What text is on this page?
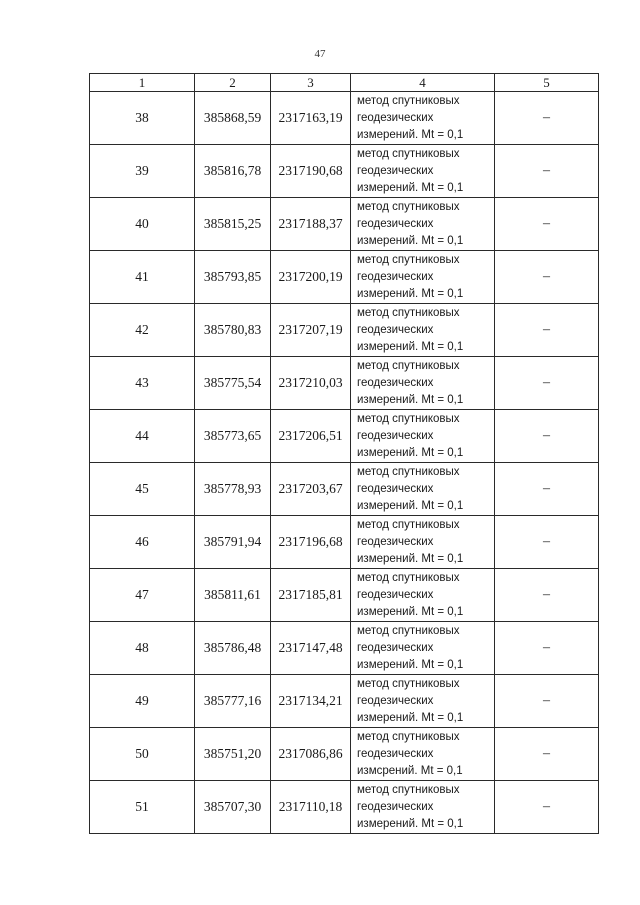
47
1	2	3	4	5
38	385868,59	2317163,19	метод спутниковых
геодезических
измерений. Mt = 0,1	–
39	385816,78	2317190,68	метод спутниковых
геодезических
измерений. Mt = 0,1	–
40	385815,25	2317188,37	метод спутниковых
геодезических
измерений. Mt = 0,1	–
41	385793,85	2317200,19	метод спутниковых
геодезических
измерений. Mt = 0,1	–
42	385780,83	2317207,19	метод спутниковых
геодезических
измерений. Mt = 0,1	–
43	385775,54	2317210,03	метод спутниковых
геодезических
измерений. Mt = 0,1	–
44	385773,65	2317206,51	метод спутниковых
геодезических
измерений. Mt = 0,1	–
45	385778,93	2317203,67	метод спутниковых
геодезических
измерений. Mt = 0,1	–
46	385791,94	2317196,68	метод спутниковых
геодезических
измерений. Mt = 0,1	–
47	385811,61	2317185,81	метод спутниковых
геодезических
измерений. Mt = 0,1	–
48	385786,48	2317147,48	метод спутниковых
геодезических
измерений. Mt = 0,1	–
49	385777,16	2317134,21	метод спутниковых
геодезических
измерений. Mt = 0,1	–
50	385751,20	2317086,86	метод спутниковых
геодезических
измсрений. Mt = 0,1	–
51	385707,30	2317110,18	метод спутниковых
геодезических
измерений. Mt = 0,1	–
